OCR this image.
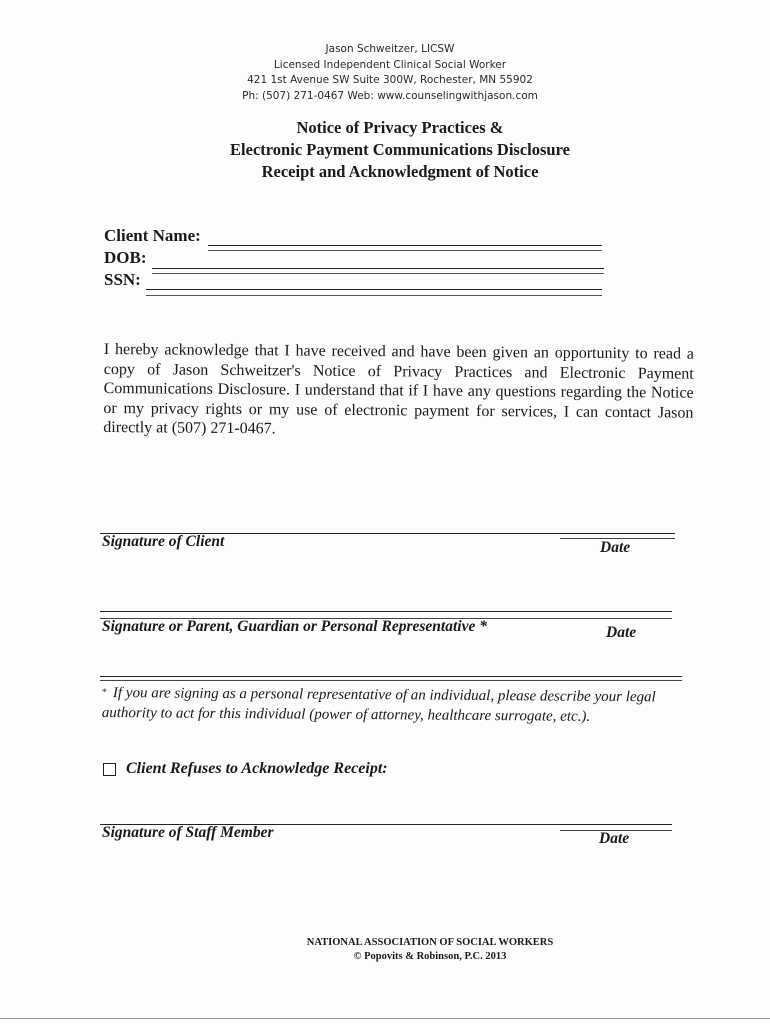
Jason Schweitzer, LICSW
Licensed Independent Clinical Social Worker
421 1st Avenue SW Suite 300W, Rochester, MN 55902
Ph: (507) 271-0467 Web: www.counselingwithjason.com
Notice of Privacy Practices &
Electronic Payment Communications Disclosure
Receipt and Acknowledgment of Notice
Client Name:
DOB:
SSN:
I hereby acknowledge that I have received and have been given an opportunity to read a copy of Jason Schweitzer's Notice of Privacy Practices and Electronic Payment Communications Disclosure. I understand that if I have any questions regarding the Notice or my privacy rights or my use of electronic payment for services, I can contact Jason directly at (507) 271-0467.
Signature of Client	Date
Signature or Parent, Guardian or Personal Representative *	Date
* If you are signing as a personal representative of an individual, please describe your legal authority to act for this individual (power of attorney, healthcare surrogate, etc.).
Client Refuses to Acknowledge Receipt:
Signature of Staff Member	Date
NATIONAL ASSOCIATION OF SOCIAL WORKERS
© Popovits & Robinson, P.C. 2013
